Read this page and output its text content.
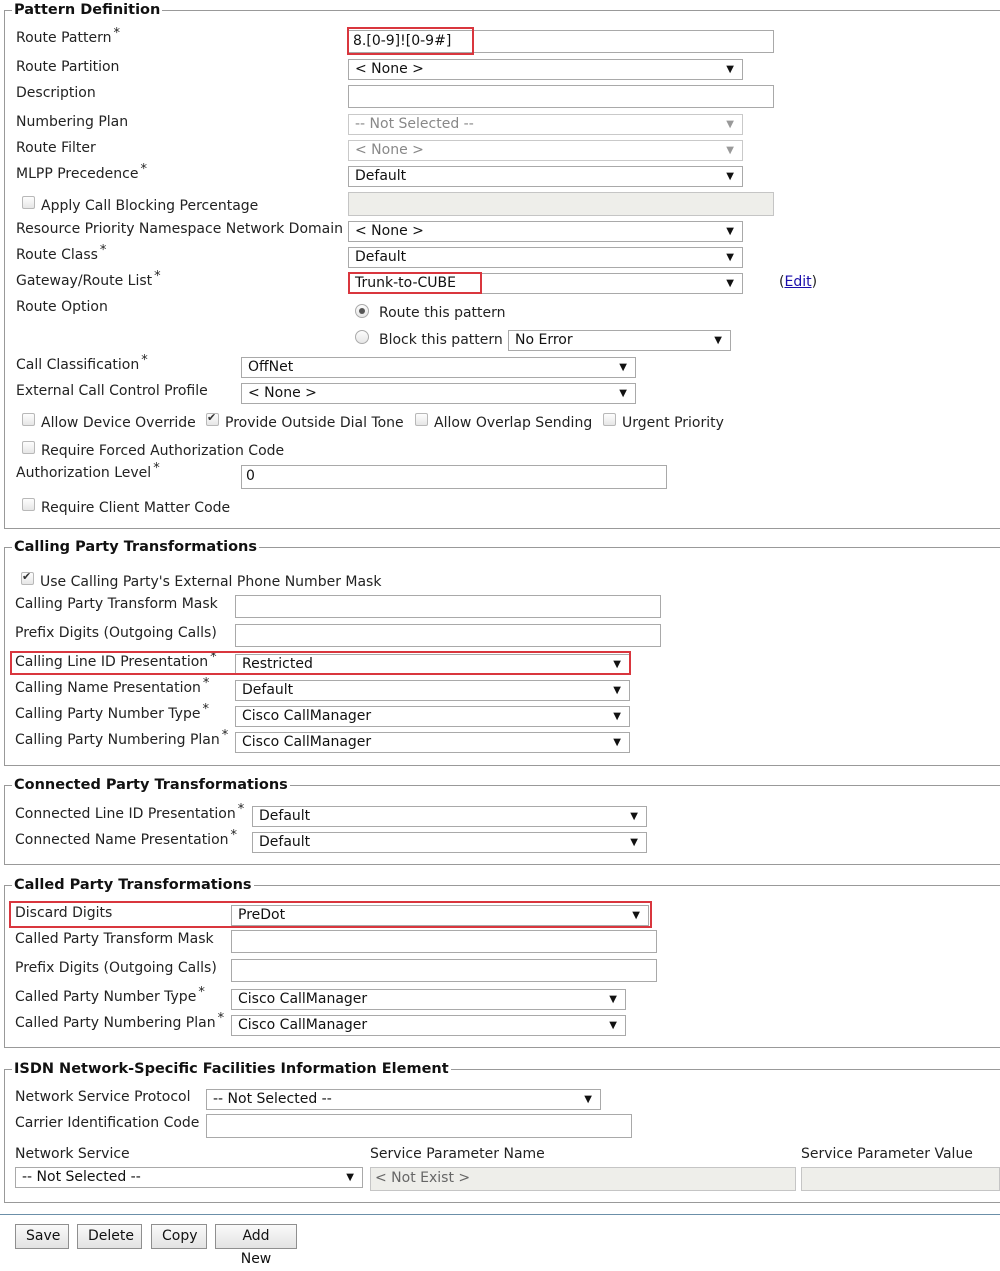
Pattern Definition
Route Pattern *	8.[0-9]![0-9#]
Route Partition	< None >	▼
Description
Numbering Plan	-- Not Selected --	▼
Route Filter	< None >	▼
MLPP Precedence *	Default	▼
Apply Call Blocking Percentage
Resource Priority Namespace Network Domain < None >	▼
Route Class *	Default	▼
Gateway/Route List *	Trunk-to-CUBE	▼	(Edit)
Route Option	Route this pattern
Block this pattern No Error	▼
Call Classification *	OffNet	▼
External Call Control Profile	< None >	▼
Allow Device Override
✔ Provide Outside Dial Tone Allow Overlap Sending Urgent Priority
Require Forced Authorization Code
Authorization Level *	0
Require Client Matter Code
Calling Party Transformations
✔
Use Calling Party's External Phone Number Mask
Calling Party Transform Mask
Prefix Digits (Outgoing Calls)
Calling Line ID Presentation *	Restricted	▼
Calling Name Presentation *	Default	▼
Calling Party Number Type *	Cisco CallManager	▼
Calling Party Numbering Plan * Cisco CallManager	▼
Connected Party Transformations
Connected Line ID Presentation *	Default	▼
Connected Name Presentation *	Default	▼
Called Party Transformations
Discard Digits	PreDot	▼
Called Party Transform Mask
Prefix Digits (Outgoing Calls)
Called Party Number Type *	Cisco CallManager	▼
Called Party Numbering Plan * Cisco CallManager	▼
ISDN Network-Specific Facilities Information Element
Network Service Protocol	-- Not Selected --	▼
Carrier Identification Code
Network Service	Service Parameter Name	Service Parameter Value
-- Not Selected --	▼	< Not Exist >
Save	Delete	Copy	Add New
